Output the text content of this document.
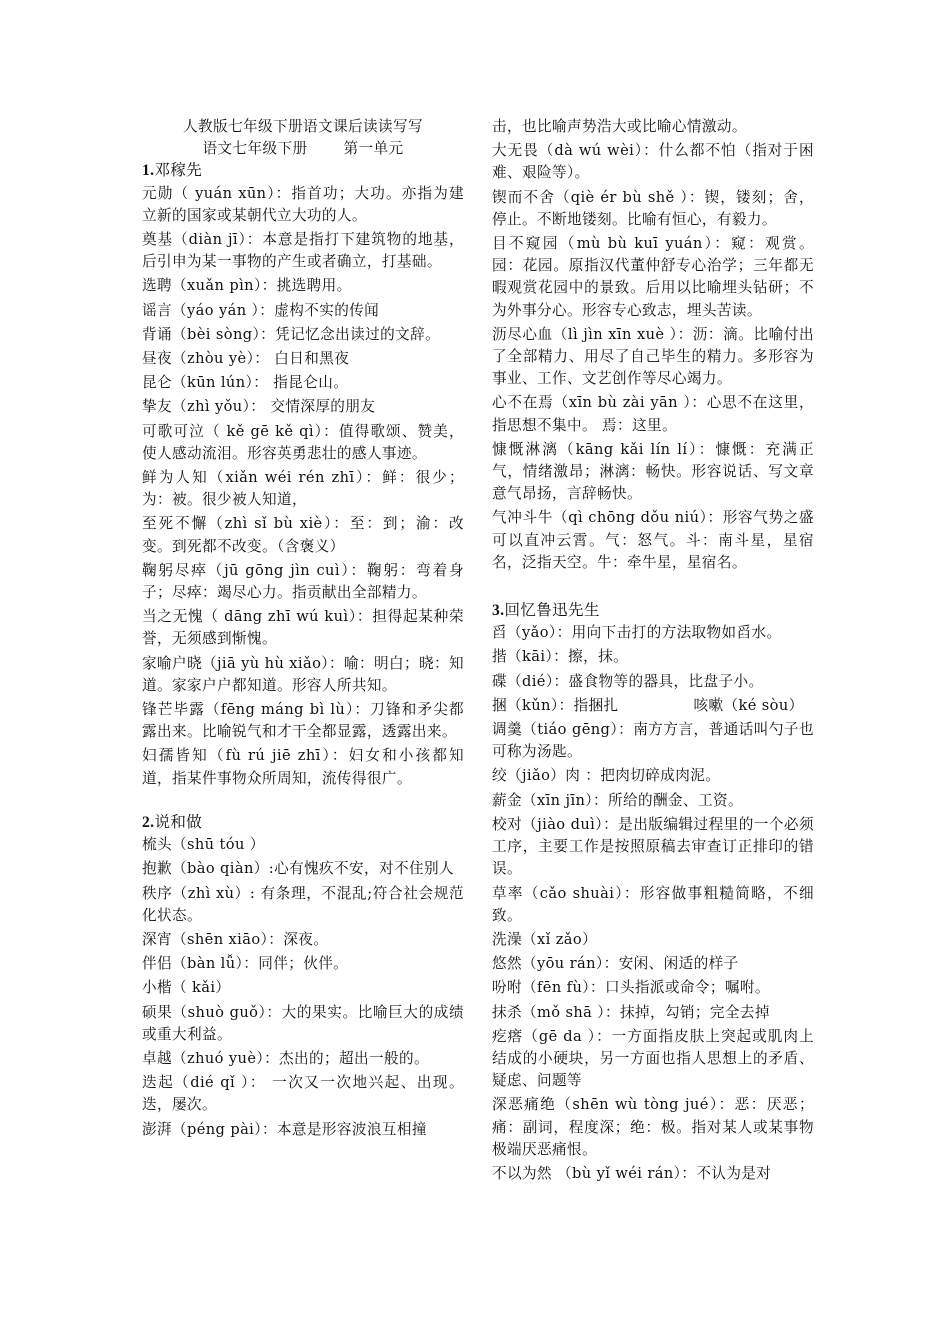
人教版七年级下册语文课后读读写写
语文七年级下册 第一单元
1.邓稼先
元勋（ yuán xūn）：指首功；大功。亦指为建立新的国家或某朝代立大功的人。
奠基（diàn jī）：本意是指打下建筑物的地基，后引申为某一事物的产生或者确立，打基础。
选聘（xuǎn pìn）：挑选聘用。
谣言（yáo yán ）：虚构不实的传闻
背诵（bèi sòng）：凭记忆念出读过的文辞。
昼夜（zhòu yè）： 白日和黑夜
昆仑（kūn lún）： 指昆仑山。
挚友（zhì yǒu）： 交情深厚的朋友
可歌可泣（ kě gē kě qì）：值得歌颂、赞美，使人感动流泪。形容英勇悲壮的感人事迹。
鲜为人知（xiǎn wéi rén zhī）：鲜：很少；为：被。很少被人知道，
至死不懈（zhì sǐ bù xiè）：至：到；渝：改变。到死都不改变。（含褒义）
鞠躬尽瘁（jū gōng jìn cuì）：鞠躬：弯着身子；尽瘁：竭尽心力。指贡献出全部精力。
当之无愧（ dāng zhī wú kuì）：担得起某种荣誉，无须感到惭愧。
家喻户晓（jiā yù hù xiǎo）：喻：明白；晓：知道。家家户户都知道。形容人所共知。
锋芒毕露（fēng máng bì lù）：刀锋和矛尖都露出来。比喻锐气和才干全都显露，透露出来。
妇孺皆知（fù rú jiē zhī）：妇女和小孩都知道，指某件事物众所周知，流传得很广。
2.说和做
梳头（shū tóu ）
抱歉（bào qiàn）:心有愧疚不安，对不住别人
秩序（zhì xù）: 有条理，不混乱;符合社会规范化状态。
深宵（shēn xiāo）：深夜。
伴侣（bàn lǚ）：同伴；伙伴。
小楷（ kǎi）
硕果（shuò guǒ）：大的果实。比喻巨大的成绩或重大利益。
卓越（zhuó yuè）：杰出的；超出一般的。
迭起（dié qǐ ）： 一次又一次地兴起、出现。迭，屡次。
澎湃（péng pài）：本意是形容波浪互相撞
击，也比喻声势浩大或比喻心情激动。
大无畏（dà wú wèi）：什么都不怕（指对于困难、艰险等）。
锲而不舍（qiè ér bù shě ）：锲，镂刻；舍，停止。不断地镂刻。比喻有恒心，有毅力。
目不窥园（mù bù kuī yuán）：窥：观赏。园：花园。原指汉代董仲舒专心治学；三年都无暇观赏花园中的景致。后用以比喻埋头钻研；不为外事分心。形容专心致志，埋头苦读。
沥尽心血（lì jìn xīn xuè ）：沥：滴。比喻付出了全部精力、用尽了自己毕生的精力。多形容为事业、工作、文艺创作等尽心竭力。
心不在焉（xīn bù zài yān ）：心思不在这里，指思想不集中。 焉：这里。
慷慨淋漓（kāng kǎi lín lí）：慷慨：充满正气，情绪激昂；淋漓：畅快。形容说话、写文章意气昂扬，言辞畅快。
气冲斗牛（qì chōng dǒu niú）：形容气势之盛可以直冲云霄。气：怒气。斗：南斗星，星宿名，泛指天空。牛：牵牛星，星宿名。
3.回忆鲁迅先生
舀（yǎo）：用向下击打的方法取物如舀水。
揩（kāi）：擦，抹。
碟（dié）：盛食物等的器具，比盘子小。
捆（kǔn）：指捆扎　　　　　咳嗽（ké sòu）
调羹（tiáo gēng）：南方方言，普通话叫勺子也可称为汤匙。
绞（jiǎo）肉 ：把肉切碎成肉泥。
薪金（xīn jīn）：所给的酬金、工资。
校对（jiào duì）：是出版编辑过程里的一个必须工序，主要工作是按照原稿去审查订正排印的错误。
草率（cǎo shuài）：形容做事粗糙简略，不细致。
洗澡（xǐ zǎo）
悠然（yōu rán）：安闲、闲适的样子
吩咐（fēn fù）：口头指派或命令；嘱咐。
抹杀（mǒ shā ）：抹掉，勾销；完全去掉
疙瘩（gē da ）：一方面指皮肤上突起或肌肉上结成的小硬块，另一方面也指人思想上的矛盾、疑虑、问题等
深恶痛绝（shēn wù tòng jué）：恶：厌恶；痛：副词，程度深；绝：极。指对某人或某事物极端厌恶痛恨。
不以为然 （bù yǐ wéi rán）：不认为是对
